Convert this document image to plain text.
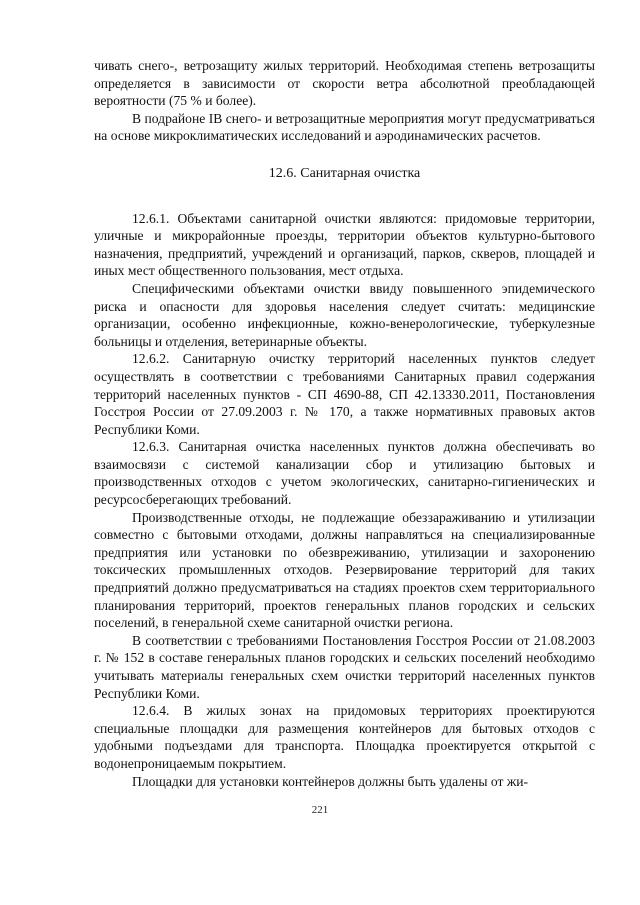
чивать снего-, ветрозащиту жилых территорий. Необходимая степень ветрозащиты определяется в зависимости от скорости ветра абсолютной преобладающей вероятности (75 % и более).

В подрайоне IВ снего- и ветрозащитные мероприятия могут предусматриваться на основе микроклиматических исследований и аэродинамических расчетов.

12.6. Санитарная очистка

12.6.1. Объектами санитарной очистки являются: придомовые территории, уличные и микрорайонные проезды, территории объектов культурно-бытового назначения, предприятий, учреждений и организаций, парков, скверов, площадей и иных мест общественного пользования, мест отдыха.

Специфическими объектами очистки ввиду повышенного эпидемического риска и опасности для здоровья населения следует считать: медицинские организации, особенно инфекционные, кожно-венерологические, туберкулезные больницы и отделения, ветеринарные объекты.

12.6.2. Санитарную очистку территорий населенных пунктов следует осуществлять в соответствии с требованиями Санитарных правил содержания территорий населенных пунктов - СП 4690-88, СП 42.13330.2011, Постановления Госстроя России от 27.09.2003 г. № 170, а также нормативных правовых актов Республики Коми.

12.6.3. Санитарная очистка населенных пунктов должна обеспечивать во взаимосвязи с системой канализации сбор и утилизацию бытовых и производственных отходов с учетом экологических, санитарно-гигиенических и ресурсосберегающих требований.

Производственные отходы, не подлежащие обеззараживанию и утилизации совместно с бытовыми отходами, должны направляться на специализированные предприятия или установки по обезвреживанию, утилизации и захоронению токсических промышленных отходов. Резервирование территорий для таких предприятий должно предусматриваться на стадиях проектов схем территориального планирования территорий, проектов генеральных планов городских и сельских поселений, в генеральной схеме санитарной очистки региона.

В соответствии с требованиями Постановления Госстроя России от 21.08.2003 г. № 152 в составе генеральных планов городских и сельских поселений необходимо учитывать материалы генеральных схем очистки территорий населенных пунктов Республики Коми.

12.6.4. В жилых зонах на придомовых территориях проектируются специальные площадки для размещения контейнеров для бытовых отходов с удобными подъездами для транспорта. Площадка проектируется открытой с водонепроницаемым покрытием.

Площадки для установки контейнеров должны быть удалены от жи-

221
